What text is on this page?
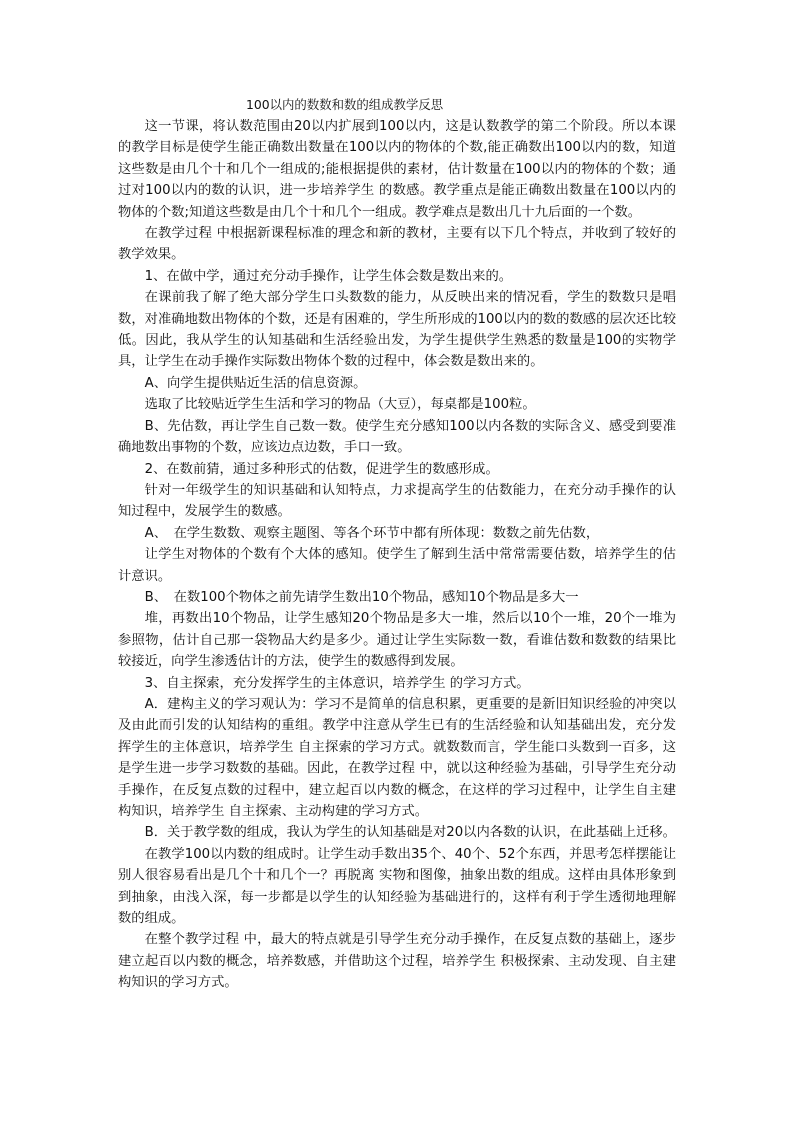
100以内的数数和数的组成教学反思

这一节课，将认数范围由20以内扩展到100以内，这是认数教学的第二个阶段。所以本课的教学目标是使学生能正确数出数量在100以内的物体的个数,能正确数出100以内的数，知道这些数是由几个十和几个一组成的;能根据提供的素材，估计数量在100以内的物体的个数；通过对100以内的数的认识，进一步培养学生 的数感。教学重点是能正确数出数量在100以内的物体的个数;知道这些数是由几个十和几个一组成。教学难点是数出几十九后面的一个数。

在教学过程 中根据新课程标准的理念和新的教材，主要有以下几个特点，并收到了较好的教学效果。

1、在做中学，通过充分动手操作，让学生体会数是数出来的。

在课前我了解了绝大部分学生口头数数的能力，从反映出来的情况看，学生的数数只是唱数，对准确地数出物体的个数，还是有困难的，学生所形成的100以内的数的数感的层次还比较低。因此，我从学生的认知基础和生活经验出发，为学生提供学生熟悉的数量是100的实物学具，让学生在动手操作实际数出物体个数的过程中，体会数是数出来的。

A、向学生提供贴近生活的信息资源。

选取了比较贴近学生生活和学习的物品（大豆），每桌都是100粒。

B、先估数，再让学生自己数一数。使学生充分感知100以内各数的实际含义、感受到要准确地数出事物的个数，应该边点边数，手口一致。

2、在数前猜，通过多种形式的估数，促进学生的数感形成。

针对一年级学生的知识基础和认知特点，力求提高学生的估数能力，在充分动手操作的认知过程中，发展学生的数感。

A、　在学生数数、观察主题图、等各个环节中都有所体现：数数之前先估数，

让学生对物体的个数有个大体的感知。使学生了解到生活中常常需要估数，培养学生的估计意识。

B、　在数100个物体之前先请学生数出10个物品，感知10个物品是多大一

堆，再数出10个物品，让学生感知20个物品是多大一堆，然后以10个一堆，20个一堆为参照物，估计自己那一袋物品大约是多少。通过让学生实际数一数，看谁估数和数数的结果比较接近，向学生渗透估计的方法，使学生的数感得到发展。

3、自主探索，充分发挥学生的主体意识，培养学生 的学习方式。

A．建构主义的学习观认为：学习不是简单的信息积累，更重要的是新旧知识经验的冲突以及由此而引发的认知结构的重组。教学中注意从学生已有的生活经验和认知基础出发，充分发挥学生的主体意识，培养学生 自主探索的学习方式。就数数而言，学生能口头数到一百多，这是学生进一步学习数数的基础。因此，在教学过程 中，就以这种经验为基础，引导学生充分动手操作，在反复点数的过程中，建立起百以内数的概念，在这样的学习过程中，让学生自主建构知识，培养学生 自主探索、主动构建的学习方式。

B．关于教学数的组成，我认为学生的认知基础是对20以内各数的认识，在此基础上迁移。

在教学100以内数的组成时。让学生动手数出35个、40个、52个东西，并思考怎样摆能让别人很容易看出是几个十和几个一？再脱离 实物和图像，抽象出数的组成。这样由具体形象到到抽象，由浅入深，每一步都是以学生的认知经验为基础进行的，这样有利于学生透彻地理解数的组成。

在整个教学过程 中，最大的特点就是引导学生充分动手操作，在反复点数的基础上，逐步建立起百以内数的概念，培养数感，并借助这个过程，培养学生 积极探索、主动发现、自主建构知识的学习方式。
